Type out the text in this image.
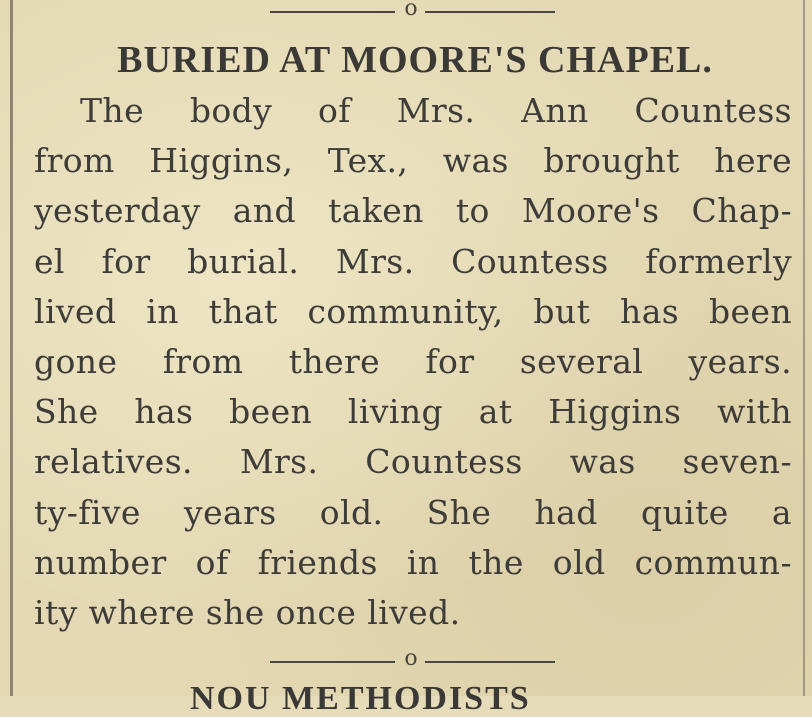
o
BURIED AT MOORE'S CHAPEL.
The body of Mrs. Ann Countess
from Higgins, Tex., was brought here
yesterday and taken to Moore's Chap-
el for burial. Mrs. Countess formerly
lived in that community, but has been
gone from there for several years.
She has been living at Higgins with
relatives. Mrs. Countess was seven-
ty-five years old. She had quite a
number of friends in the old commun-
ity where she once lived.
o
NOU METHODISTS
